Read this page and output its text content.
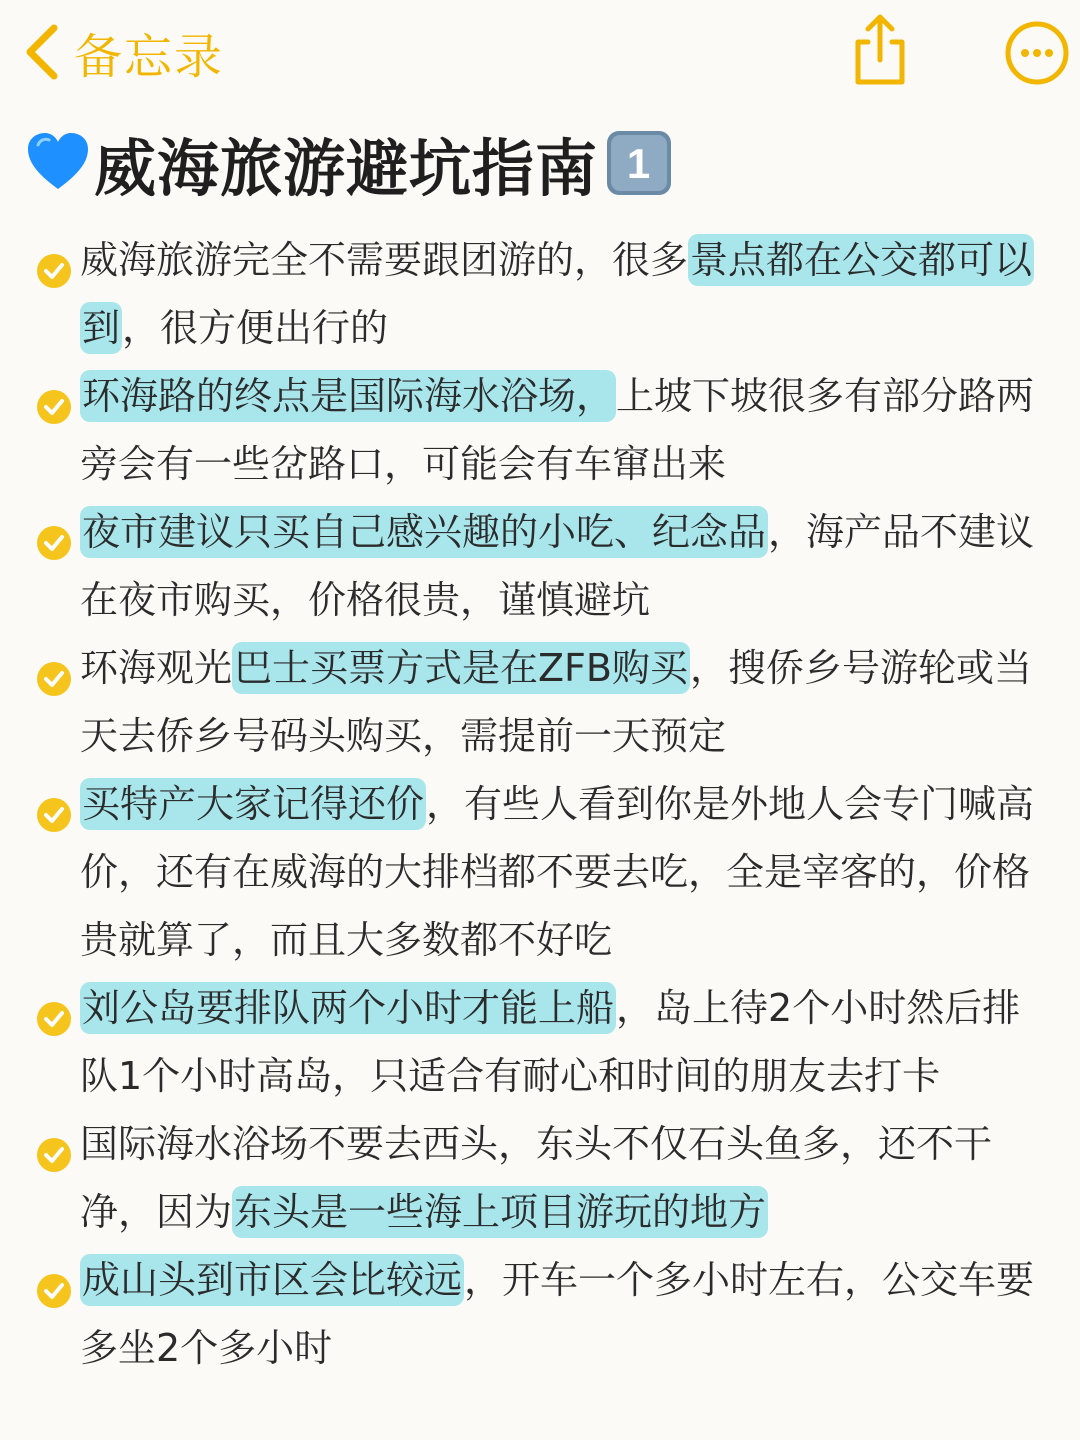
备忘录
威海旅游避坑指南 1
威海旅游完全不需要跟团游的，很多景点都在公交都可以到，很方便出行的
环海路的终点是国际海水浴场，上坡下坡很多有部分路两旁会有一些岔路口，可能会有车窜出来
夜市建议只买自己感兴趣的小吃、纪念品，海产品不建议在夜市购买，价格很贵，谨慎避坑
环海观光巴士买票方式是在ZFB购买，搜侨乡号游轮或当天去侨乡号码头购买，需提前一天预定
买特产大家记得还价，有些人看到你是外地人会专门喊高价，还有在威海的大排档都不要去吃，全是宰客的，价格贵就算了，而且大多数都不好吃
刘公岛要排队两个小时才能上船，岛上待2个小时然后排队1个小时高岛，只适合有耐心和时间的朋友去打卡
国际海水浴场不要去西头，东头不仅石头鱼多，还不干净，因为东头是一些海上项目游玩的地方
成山头到市区会比较远，开车一个多小时左右，公交车要多坐2个多小时
